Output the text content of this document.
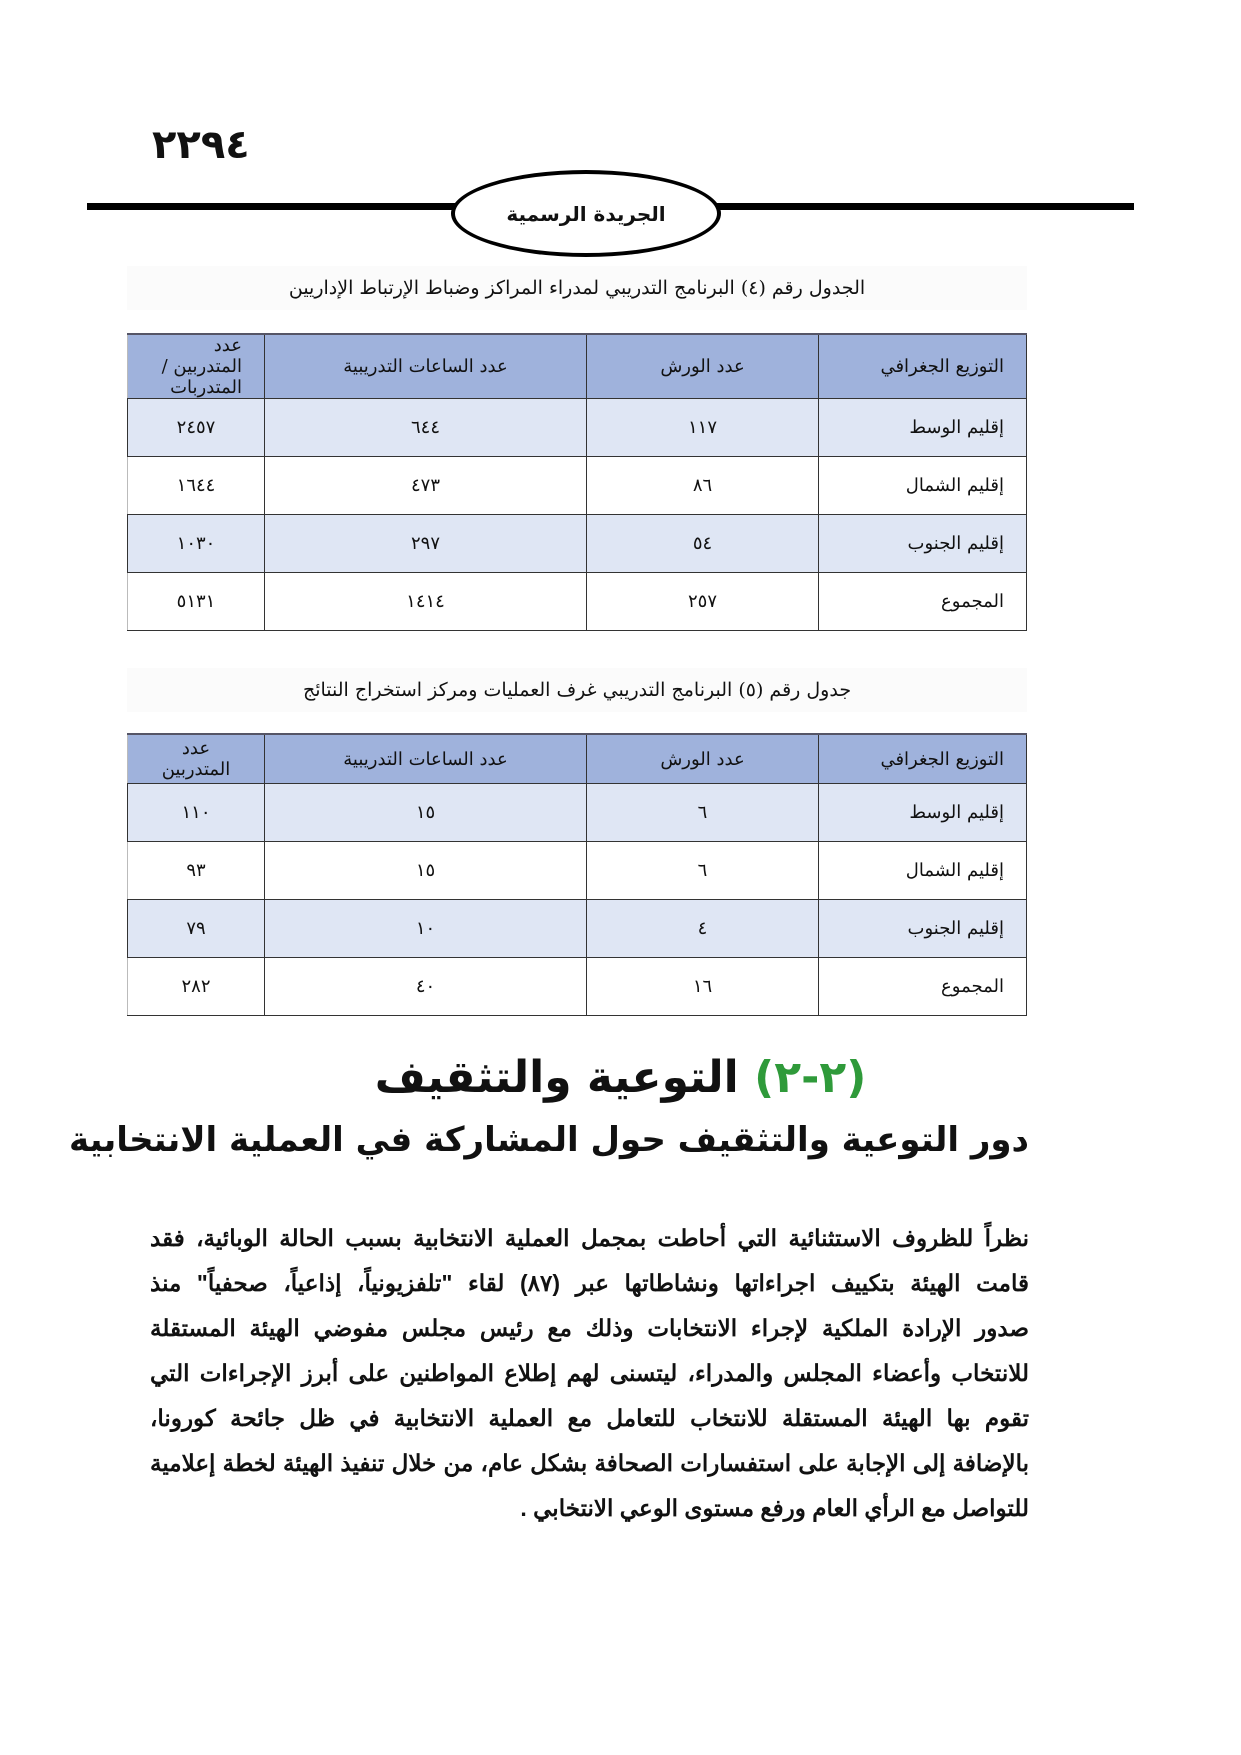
٢٢٩٤
الجريدة الرسمية
الجدول رقم (٤) البرنامج التدريبي لمدراء المراكز وضباط الإرتباط الإداريين
التوزيع الجغرافي	عدد الورش	عدد الساعات التدريبية	عدد المتدربين / المتدربات
إقليم الوسط	١١٧	٦٤٤	٢٤٥٧
إقليم الشمال	٨٦	٤٧٣	١٦٤٤
إقليم الجنوب	٥٤	٢٩٧	١٠٣٠
المجموع	٢٥٧	١٤١٤	٥١٣١
جدول رقم (٥) البرنامج التدريبي غرف العمليات ومركز استخراج النتائج
التوزيع الجغرافي	عدد الورش	عدد الساعات التدريبية	عدد المتدربين
إقليم الوسط	٦	١٥	١١٠
إقليم الشمال	٦	١٥	٩٣
إقليم الجنوب	٤	١٠	٧٩
المجموع	١٦	٤٠	٢٨٢
(٢-٢) التوعية والتثقيف
دور التوعية والتثقيف حول المشاركة في العملية الانتخابية
نظراً للظروف الاستثنائية التي أحاطت بمجمل العملية الانتخابية بسبب الحالة الوبائية، فقد
قامت الهيئة بتكييف اجراءاتها ونشاطاتها عبر (٨٧) لقاء "تلفزيونياً، إذاعياً، صحفياً" منذ
صدور الإرادة الملكية لإجراء الانتخابات وذلك مع رئيس مجلس مفوضي الهيئة المستقلة
للانتخاب وأعضاء المجلس والمدراء، ليتسنى لهم إطلاع المواطنين على أبرز الإجراءات التي
تقوم بها الهيئة المستقلة للانتخاب للتعامل مع العملية الانتخابية في ظل جائحة كورونا،
بالإضافة إلى الإجابة على استفسارات الصحافة بشكل عام، من خلال تنفيذ الهيئة لخطة إعلامية
للتواصل مع الرأي العام ورفع مستوى الوعي الانتخابي .
